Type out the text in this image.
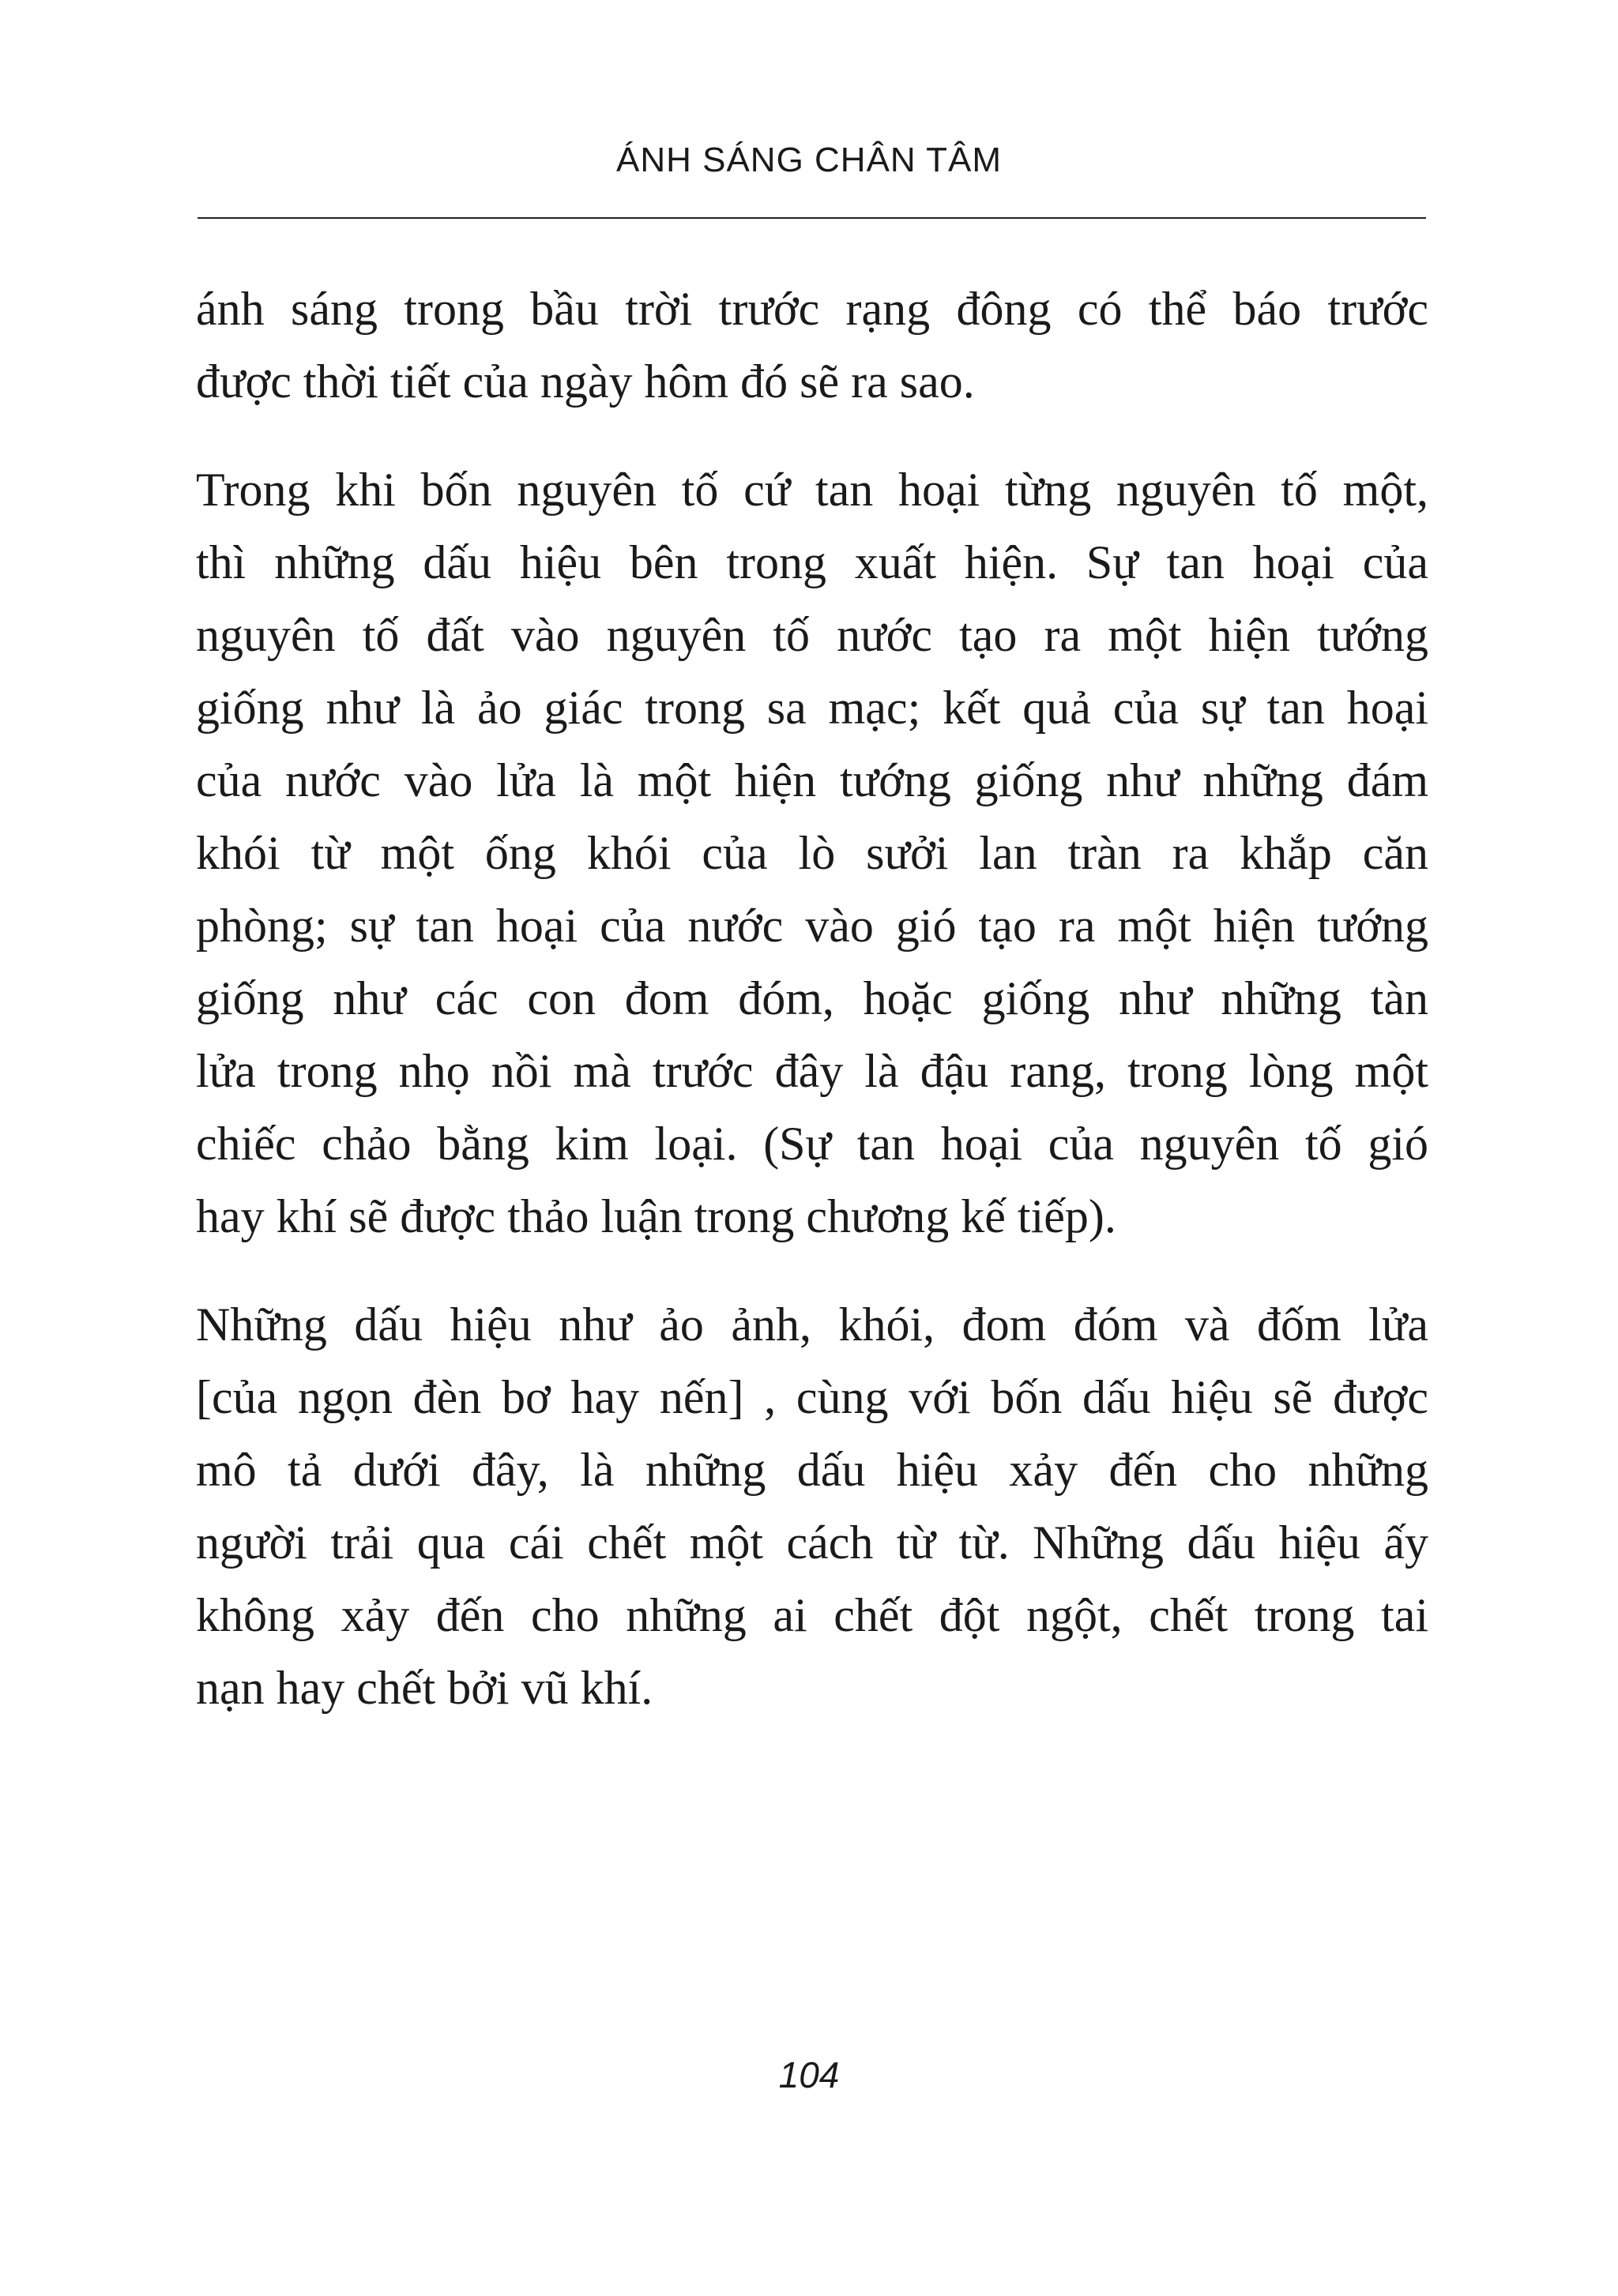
ÁNH SÁNG CHÂN TÂM

ánh sáng trong bầu trời trước rạng đông có thể báo trước
được thời tiết của ngày hôm đó sẽ ra sao.

Trong khi bốn nguyên tố cứ tan hoại từng nguyên tố một,
thì những dấu hiệu bên trong xuất hiện. Sự tan hoại của
nguyên tố đất vào nguyên tố nước tạo ra một hiện tướng
giống như là ảo giác trong sa mạc; kết quả của sự tan hoại
của nước vào lửa là một hiện tướng giống như những đám
khói từ một ống khói của lò sưởi lan tràn ra khắp căn
phòng; sự tan hoại của nước vào gió tạo ra một hiện tướng
giống như các con đom đóm, hoặc giống như những tàn
lửa trong nhọ nồi mà trước đây là đậu rang, trong lòng một
chiếc chảo bằng kim loại. (Sự tan hoại của nguyên tố gió
hay khí sẽ được thảo luận trong chương kế tiếp).

Những dấu hiệu như ảo ảnh, khói, đom đóm và đốm lửa
[của ngọn đèn bơ hay nến] , cùng với bốn dấu hiệu sẽ được
mô tả dưới đây, là những dấu hiệu xảy đến cho những
người trải qua cái chết một cách từ từ. Những dấu hiệu ấy
không xảy đến cho những ai chết đột ngột, chết trong tai
nạn hay chết bởi vũ khí.

104
